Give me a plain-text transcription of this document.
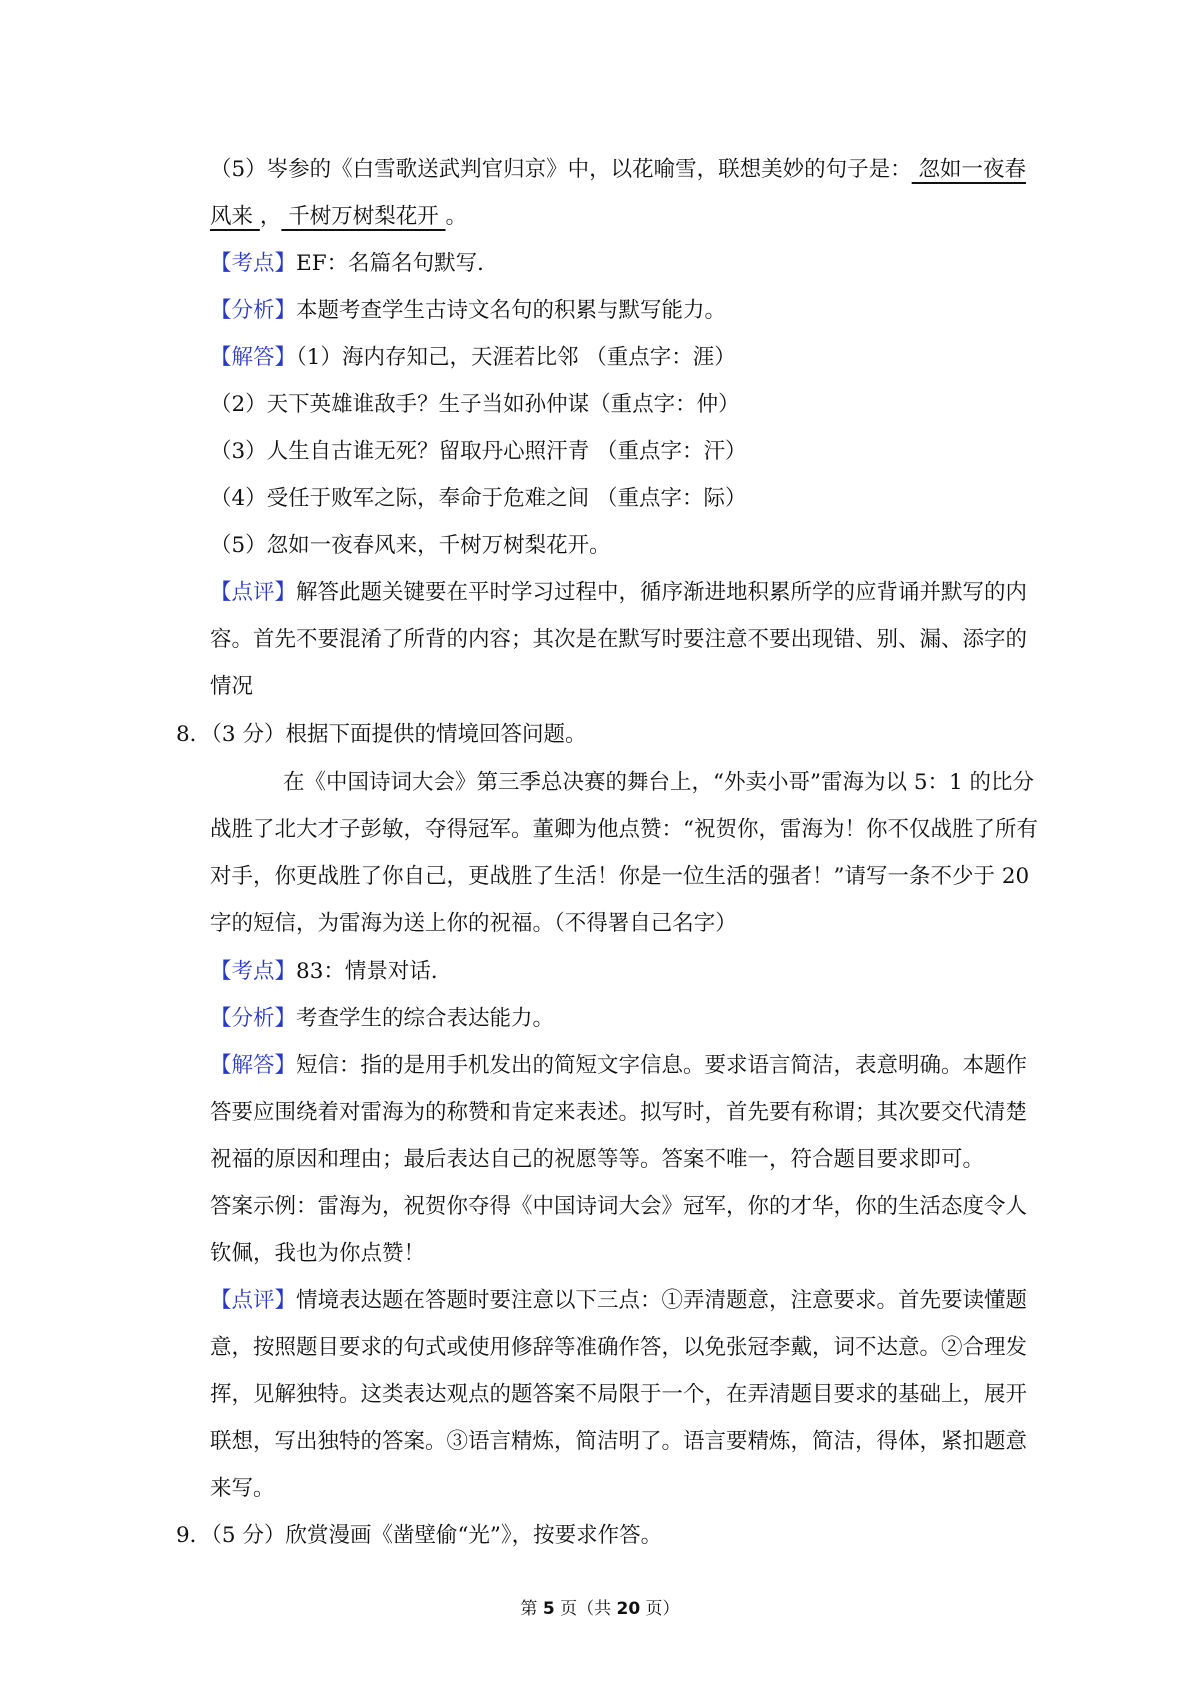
（5）岑参的《白雪歌送武判官归京》中，以花喻雪，联想美妙的句子是： 忽如一夜春
风来 ， 千树万树梨花开 。
【考点】EF：名篇名句默写．
【分析】本题考查学生古诗文名句的积累与默写能力。
【解答】（1）海内存知己，天涯若比邻 （重点字：涯）
（2）天下英雄谁敌手？生子当如孙仲谋（重点字：仲）
（3）人生自古谁无死？留取丹心照汗青 （重点字：汗）
（4）受任于败军之际，奉命于危难之间 （重点字：际）
（5）忽如一夜春风来，千树万树梨花开。
【点评】解答此题关键要在平时学习过程中，循序渐进地积累所学的应背诵并默写的内
容。首先不要混淆了所背的内容；其次是在默写时要注意不要出现错、别、漏、添字的
情况
8．（3 分）根据下面提供的情境回答问题。
在《中国诗词大会》第三季总决赛的舞台上，“外卖小哥”雷海为以 5：1 的比分
战胜了北大才子彭敏，夺得冠军。董卿为他点赞：“祝贺你，雷海为！你不仅战胜了所有
对手，你更战胜了你自己，更战胜了生活！你是一位生活的强者！”请写一条不少于 20
字的短信，为雷海为送上你的祝福。（不得署自己名字）
【考点】83：情景对话．
【分析】考查学生的综合表达能力。
【解答】短信：指的是用手机发出的简短文字信息。要求语言简洁，表意明确。本题作
答要应围绕着对雷海为的称赞和肯定来表述。拟写时，首先要有称谓；其次要交代清楚
祝福的原因和理由；最后表达自己的祝愿等等。答案不唯一，符合题目要求即可。
答案示例：雷海为，祝贺你夺得《中国诗词大会》冠军，你的才华，你的生活态度令人
钦佩，我也为你点赞！
【点评】情境表达题在答题时要注意以下三点：①弄清题意，注意要求。首先要读懂题
意，按照题目要求的句式或使用修辞等准确作答，以免张冠李戴，词不达意。②合理发
挥，见解独特。这类表达观点的题答案不局限于一个，在弄清题目要求的基础上，展开
联想，写出独特的答案。③语言精炼，简洁明了。语言要精炼，简洁，得体，紧扣题意
来写。
9．（5 分）欣赏漫画《凿壁偷“光”》，按要求作答。
第 5 页（共 20 页）
